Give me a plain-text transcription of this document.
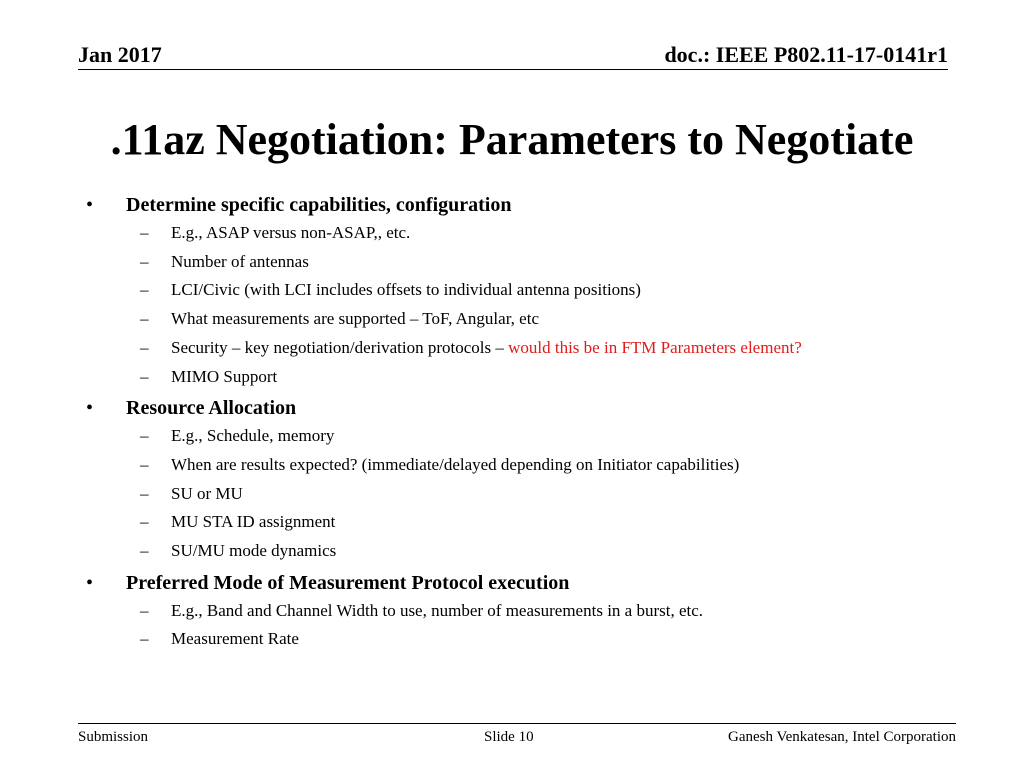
Jan 2017	doc.: IEEE P802.11-17-0141r1
.11az Negotiation: Parameters to Negotiate
• Determine specific capabilities, configuration
– E.g., ASAP versus non-ASAP,, etc.
– Number of antennas
– LCI/Civic (with LCI includes offsets to individual antenna positions)
– What measurements are supported – ToF, Angular, etc
– Security – key negotiation/derivation protocols – would this be in FTM Parameters element?
– MIMO Support
• Resource Allocation
– E.g., Schedule, memory
– When are results expected? (immediate/delayed depending on Initiator capabilities)
– SU or MU
– MU STA ID assignment
– SU/MU mode dynamics
• Preferred Mode of Measurement Protocol execution
– E.g., Band and Channel Width to use, number of measurements in a burst, etc.
– Measurement Rate
Submission	Slide 10	Ganesh Venkatesan, Intel Corporation
